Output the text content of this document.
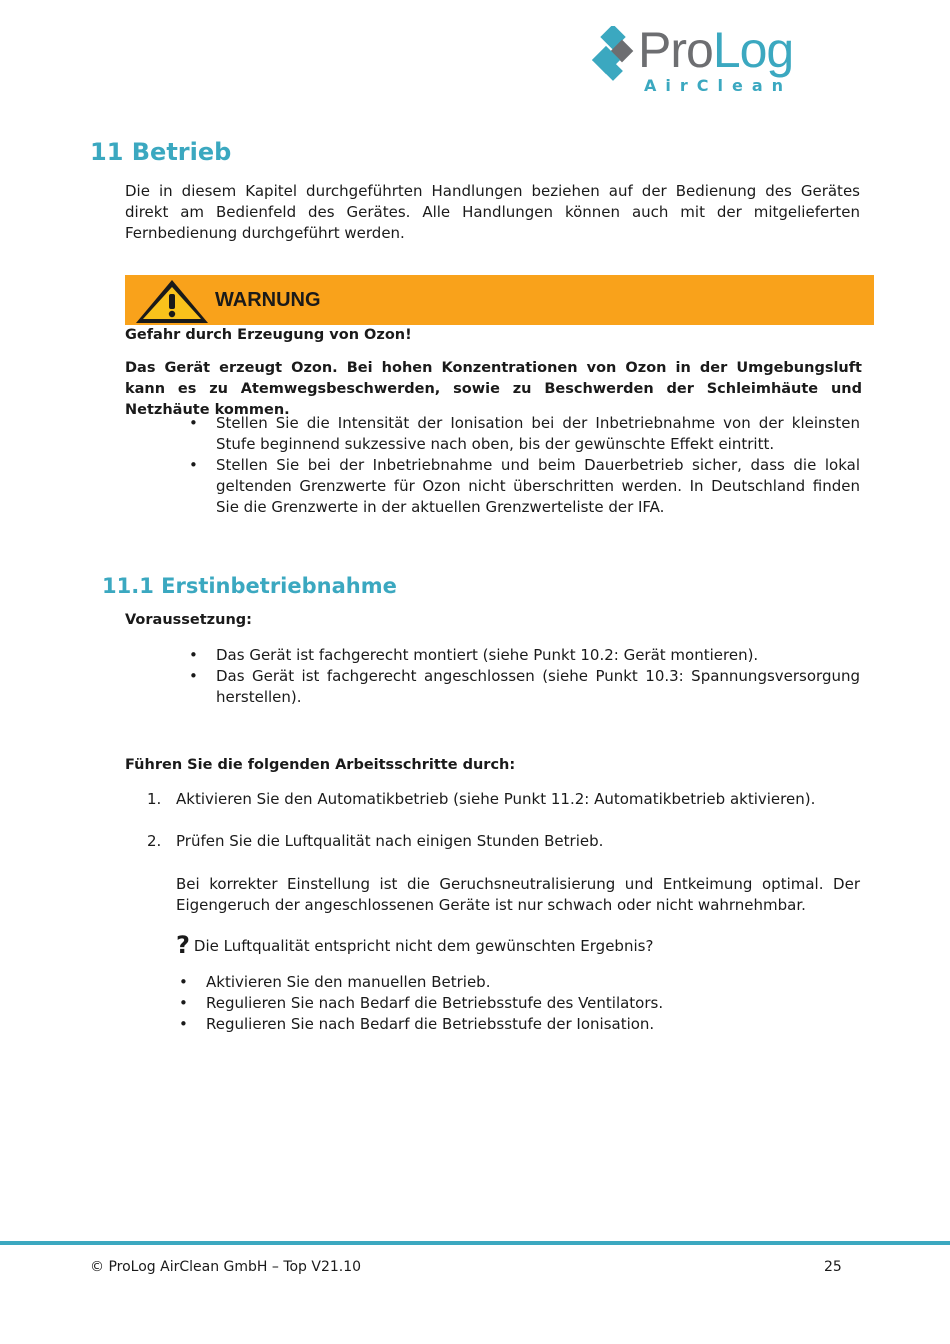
ProLog
AirClean
11 Betrieb
Die in diesem Kapitel durchgeführten Handlungen beziehen auf der Bedienung des Gerätes direkt am Bedienfeld des Gerätes. Alle Handlungen können auch mit der mitgelieferten Fernbedienung durchgeführt werden.
WARNUNG
Gefahr durch Erzeugung von Ozon!
Das Gerät erzeugt Ozon. Bei hohen Konzentrationen von Ozon in der Umgebungsluft kann es zu Atemwegsbeschwerden, sowie zu Beschwerden der Schleimhäute und Netzhäute kommen.
• Stellen Sie die Intensität der Ionisation bei der Inbetriebnahme von der kleinsten Stufe beginnend sukzessive nach oben, bis der gewünschte Effekt eintritt.
• Stellen Sie bei der Inbetriebnahme und beim Dauerbetrieb sicher, dass die lokal geltenden Grenzwerte für Ozon nicht überschritten werden. In Deutschland finden Sie die Grenzwerte in der aktuellen Grenzwerteliste der IFA.
11.1 Erstinbetriebnahme
Voraussetzung:
• Das Gerät ist fachgerecht montiert (siehe Punkt 10.2: Gerät montieren).
• Das Gerät ist fachgerecht angeschlossen (siehe Punkt 10.3: Spannungsversorgung herstellen).
Führen Sie die folgenden Arbeitsschritte durch:
1. Aktivieren Sie den Automatikbetrieb (siehe Punkt 11.2: Automatikbetrieb aktivieren).
2. Prüfen Sie die Luftqualität nach einigen Stunden Betrieb.
Bei korrekter Einstellung ist die Geruchsneutralisierung und Entkeimung optimal. Der Eigengeruch der angeschlossenen Geräte ist nur schwach oder nicht wahrnehmbar.
? Die Luftqualität entspricht nicht dem gewünschten Ergebnis?
• Aktivieren Sie den manuellen Betrieb.
• Regulieren Sie nach Bedarf die Betriebsstufe des Ventilators.
• Regulieren Sie nach Bedarf die Betriebsstufe der Ionisation.
© ProLog AirClean GmbH – Top V21.10	25
